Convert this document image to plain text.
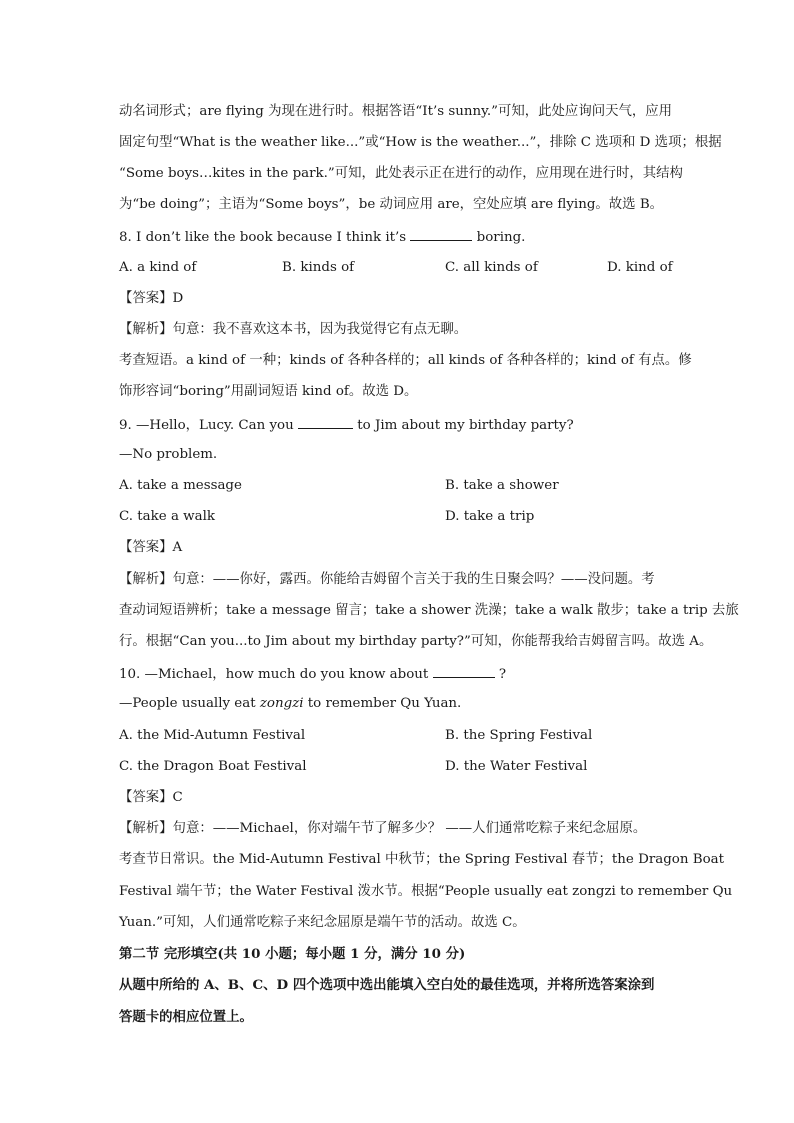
动名词形式；are flying 为现在进行时。根据答语“It’s sunny.”可知，此处应询问天气，应用
固定句型“What is the weather like...”或“How is the weather...”，排除 C 选项和 D 选项；根据
“Some boys…kites in the park.”可知，此处表示正在进行的动作，应用现在进行时，其结构
为“be doing”；主语为“Some boys”，be 动词应用 are，空处应填 are flying。故选 B。
8. I don’t like the book because I think it’s	boring.
A. a kind of	B. kinds of	C. all kinds of	D. kind of
【答案】D
【解析】句意：我不喜欢这本书，因为我觉得它有点无聊。
考查短语。a kind of 一种；kinds of 各种各样的；all kinds of 各种各样的；kind of 有点。修
饰形容词“boring”用副词短语 kind of。故选 D。
9. —Hello，Lucy. Can you	to Jim about my birthday party?
—No problem.
A. take a message	B. take a shower
C. take a walk	D. take a trip
【答案】A
【解析】句意：——你好，露西。你能给吉姆留个言关于我的生日聚会吗？——没问题。考
查动词短语辨析；take a message 留言；take a shower 洗澡；take a walk 散步；take a trip 去旅
行。根据“Can you...to Jim about my birthday party?”可知，你能帮我给吉姆留言吗。故选 A。
10. —Michael，how much do you know about	?
—People usually eat zongzi to remember Qu Yuan.
A. the Mid-Autumn Festival	B. the Spring Festival
C. the Dragon Boat Festival	D. the Water Festival
【答案】C
【解析】句意：——Michael，你对端午节了解多少？ ——人们通常吃粽子来纪念屈原。
考查节日常识。the Mid-Autumn Festival 中秋节；the Spring Festival 春节；the Dragon Boat
Festival 端午节；the Water Festival 泼水节。根据“People usually eat zongzi to remember Qu
Yuan.”可知，人们通常吃粽子来纪念屈原是端午节的活动。故选 C。
第二节 完形填空(共 10 小题；每小题 1 分，满分 10 分)
从题中所给的 A、B、C、D 四个选项中选出能填入空白处的最佳选项，并将所选答案涂到
答题卡的相应位置上。
